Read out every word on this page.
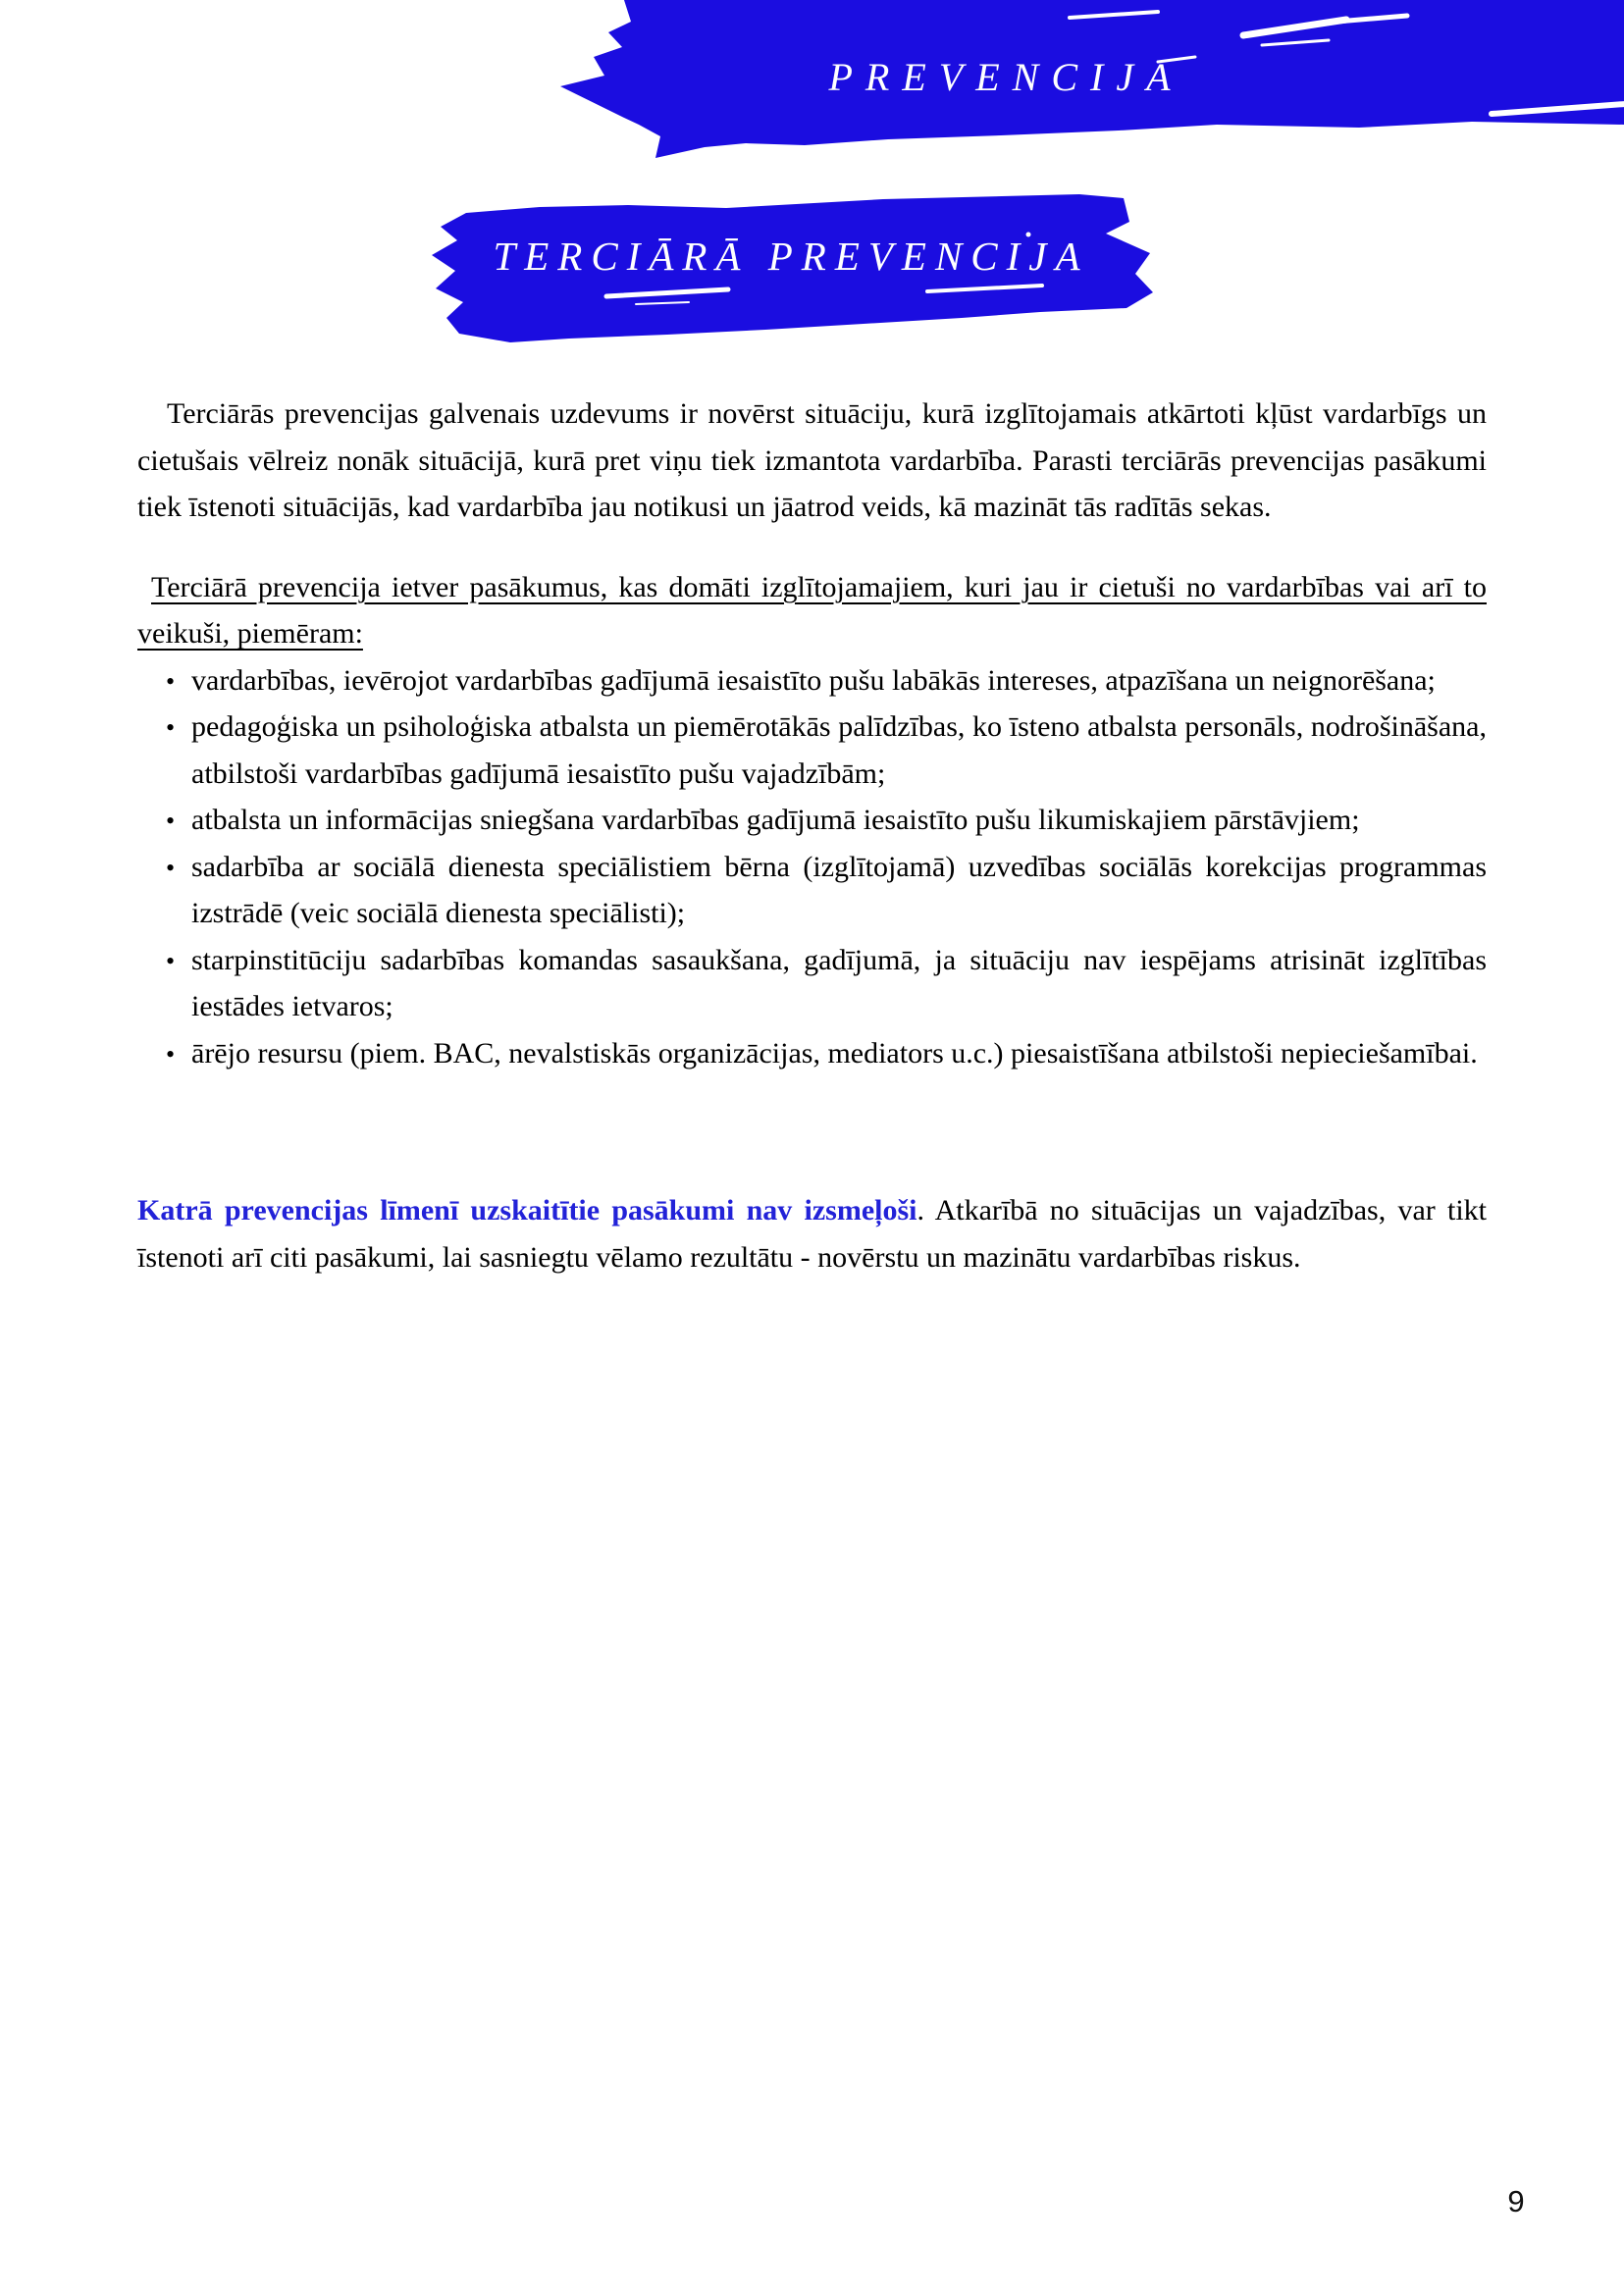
PREVENCIJA
TERCIĀRĀ PREVENCIJA

Terciārās prevencijas galvenais uzdevums ir novērst situāciju, kurā izglītojamais atkārtoti kļūst vardarbīgs un cietušais vēlreiz nonāk situācijā, kurā pret viņu tiek izmantota vardarbība. Parasti terciārās prevencijas pasākumi tiek īstenoti situācijās, kad vardarbība jau notikusi un jāatrod veids, kā mazināt tās radītās sekas.

Terciārā prevencija ietver pasākumus, kas domāti izglītojamajiem, kuri jau ir cietuši no vardarbības vai arī to veikuši, piemēram:

• vardarbības, ievērojot vardarbības gadījumā iesaistīto pušu labākās intereses, atpazīšana un neignorēšana;
• pedagoģiska un psiholoģiska atbalsta un piemērotākās palīdzības, ko īsteno atbalsta personāls, nodrošināšana, atbilstoši vardarbības gadījumā iesaistīto pušu vajadzībām;
• atbalsta un informācijas sniegšana vardarbības gadījumā iesaistīto pušu likumiskajiem pārstāvjiem;
• sadarbība ar sociālā dienesta speciālistiem bērna (izglītojamā) uzvedības sociālās korekcijas programmas izstrādē (veic sociālā dienesta speciālisti);
• starpinstitūciju sadarbības komandas sasaukšana, gadījumā, ja situāciju nav iespējams atrisināt izglītības iestādes ietvaros;
• ārējo resursu (piem. BAC, nevalstiskās organizācijas, mediators u.c.) piesaistīšana atbilstoši nepieciešamībai.

Katrā prevencijas līmenī uzskaitītie pasākumi nav izsmeļoši. Atkarībā no situācijas un vajadzības, var tikt īstenoti arī citi pasākumi, lai sasniegtu vēlamo rezultātu - novērstu un mazinātu vardarbības riskus.

9
